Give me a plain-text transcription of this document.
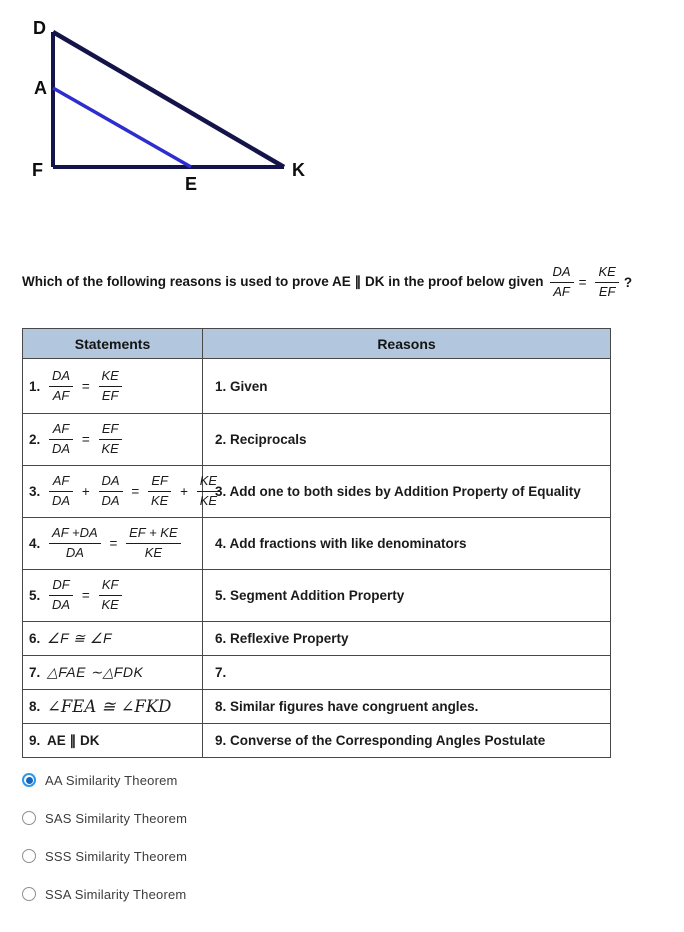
D
A
F
E
K
Which of the following reasons is used to prove AE ∥ DK in the proof below given $\frac{DA}{AF} = \frac{KE}{EF}$ ?
Statements	Reasons
1. $\frac{DA}{AF} = \frac{KE}{EF}$	1. Given
2. $\frac{AF}{DA} = \frac{EF}{KE}$	2. Reciprocals
3. $\frac{AF}{DA} + \frac{DA}{DA} = \frac{EF}{KE} + \frac{KE}{KE}$
	3. Add one to both sides by Addition Property of Equality
4. $\frac{AF +DA}{DA} = \frac{EF + KE}{KE}$	4. Add fractions with like denominators
5. $\frac{DF}{DA} = \frac{KF}{KE}$	5. Segment Addition Property
6. ∠F ≅ ∠F	6. Reflexive Property
7. △FAE ∼△FDK	7.
8. ∠FEA ≅ ∠FKD	8. Similar figures have congruent angles.
9. AE ∥ DK	9. Converse of the Corresponding Angles Postulate
AA Similarity Theorem
SAS Similarity Theorem
SSS Similarity Theorem
SSA Similarity Theorem
